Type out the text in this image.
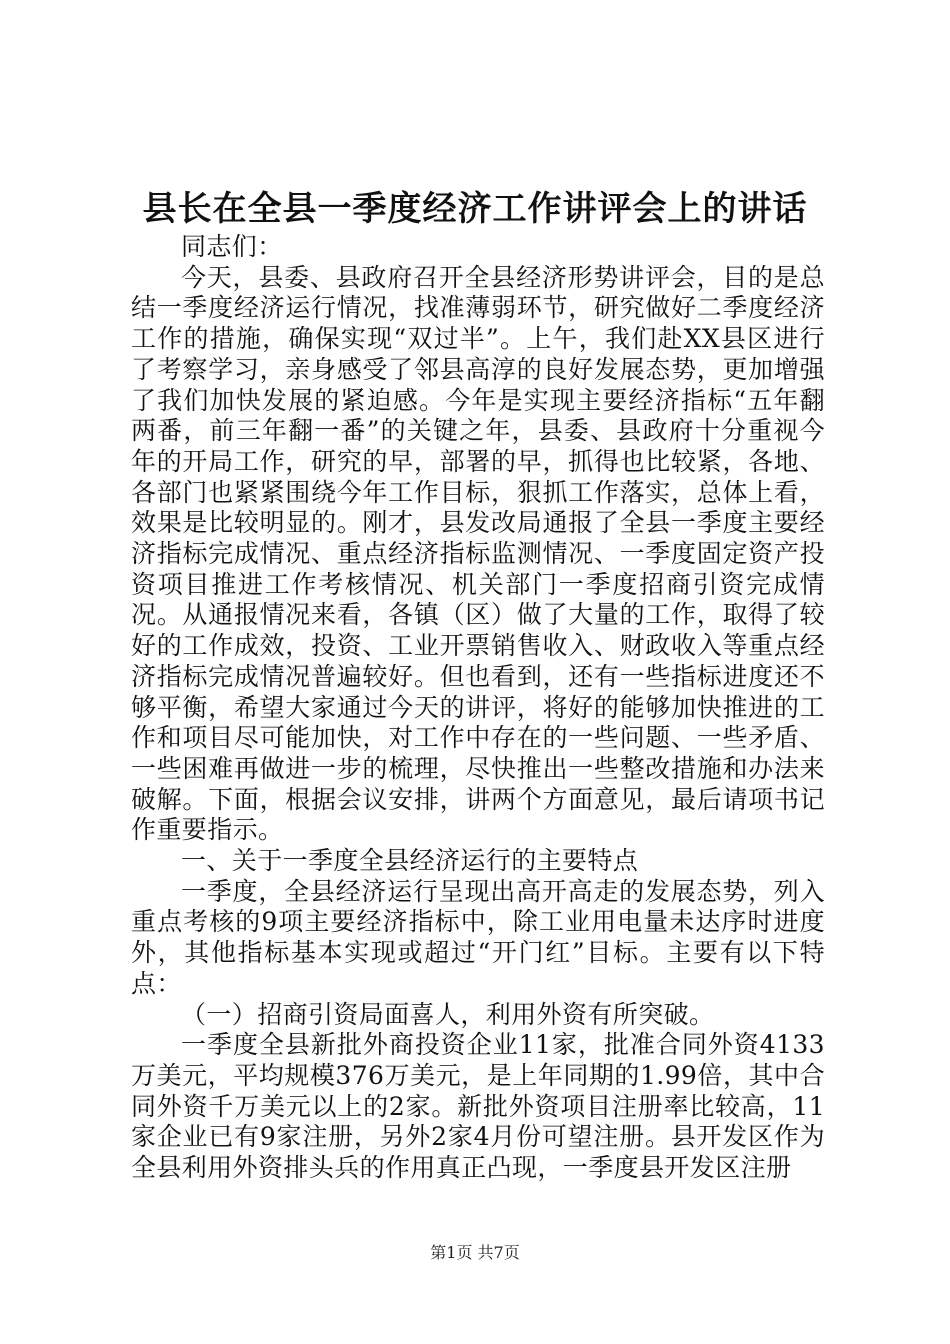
县长在全县一季度经济工作讲评会上的讲话

同志们：

今天，县委、县政府召开全县经济形势讲评会，目的是总结一季度经济运行情况，找准薄弱环节，研究做好二季度经济工作的措施，确保实现“双过半”。上午，我们赴XX县区进行了考察学习，亲身感受了邻县高淳的良好发展态势，更加增强了我们加快发展的紧迫感。今年是实现主要经济指标“五年翻两番，前三年翻一番”的关键之年，县委、县政府十分重视今年的开局工作，研究的早，部署的早，抓得也比较紧，各地、各部门也紧紧围绕今年工作目标，狠抓工作落实，总体上看，效果是比较明显的。刚才，县发改局通报了全县一季度主要经济指标完成情况、重点经济指标监测情况、一季度固定资产投资项目推进工作考核情况、机关部门一季度招商引资完成情况。从通报情况来看，各镇（区）做了大量的工作，取得了较好的工作成效，投资、工业开票销售收入、财政收入等重点经济指标完成情况普遍较好。但也看到，还有一些指标进度还不够平衡，希望大家通过今天的讲评，将好的能够加快推进的工作和项目尽可能加快，对工作中存在的一些问题、一些矛盾、一些困难再做进一步的梳理，尽快推出一些整改措施和办法来破解。下面，根据会议安排，讲两个方面意见，最后请项书记作重要指示。

一、关于一季度全县经济运行的主要特点

一季度，全县经济运行呈现出高开高走的发展态势，列入重点考核的9项主要经济指标中，除工业用电量未达序时进度外，其他指标基本实现或超过“开门红”目标。主要有以下特点：

（一）招商引资局面喜人，利用外资有所突破。

一季度全县新批外商投资企业11家，批准合同外资4133万美元，平均规模376万美元，是上年同期的1.99倍，其中合同外资千万美元以上的2家。新批外资项目注册率比较高，11家企业已有9家注册，另外2家4月份可望注册。县开发区作为全县利用外资排头兵的作用真正凸现，一季度县开发区注册

第1页 共7页
